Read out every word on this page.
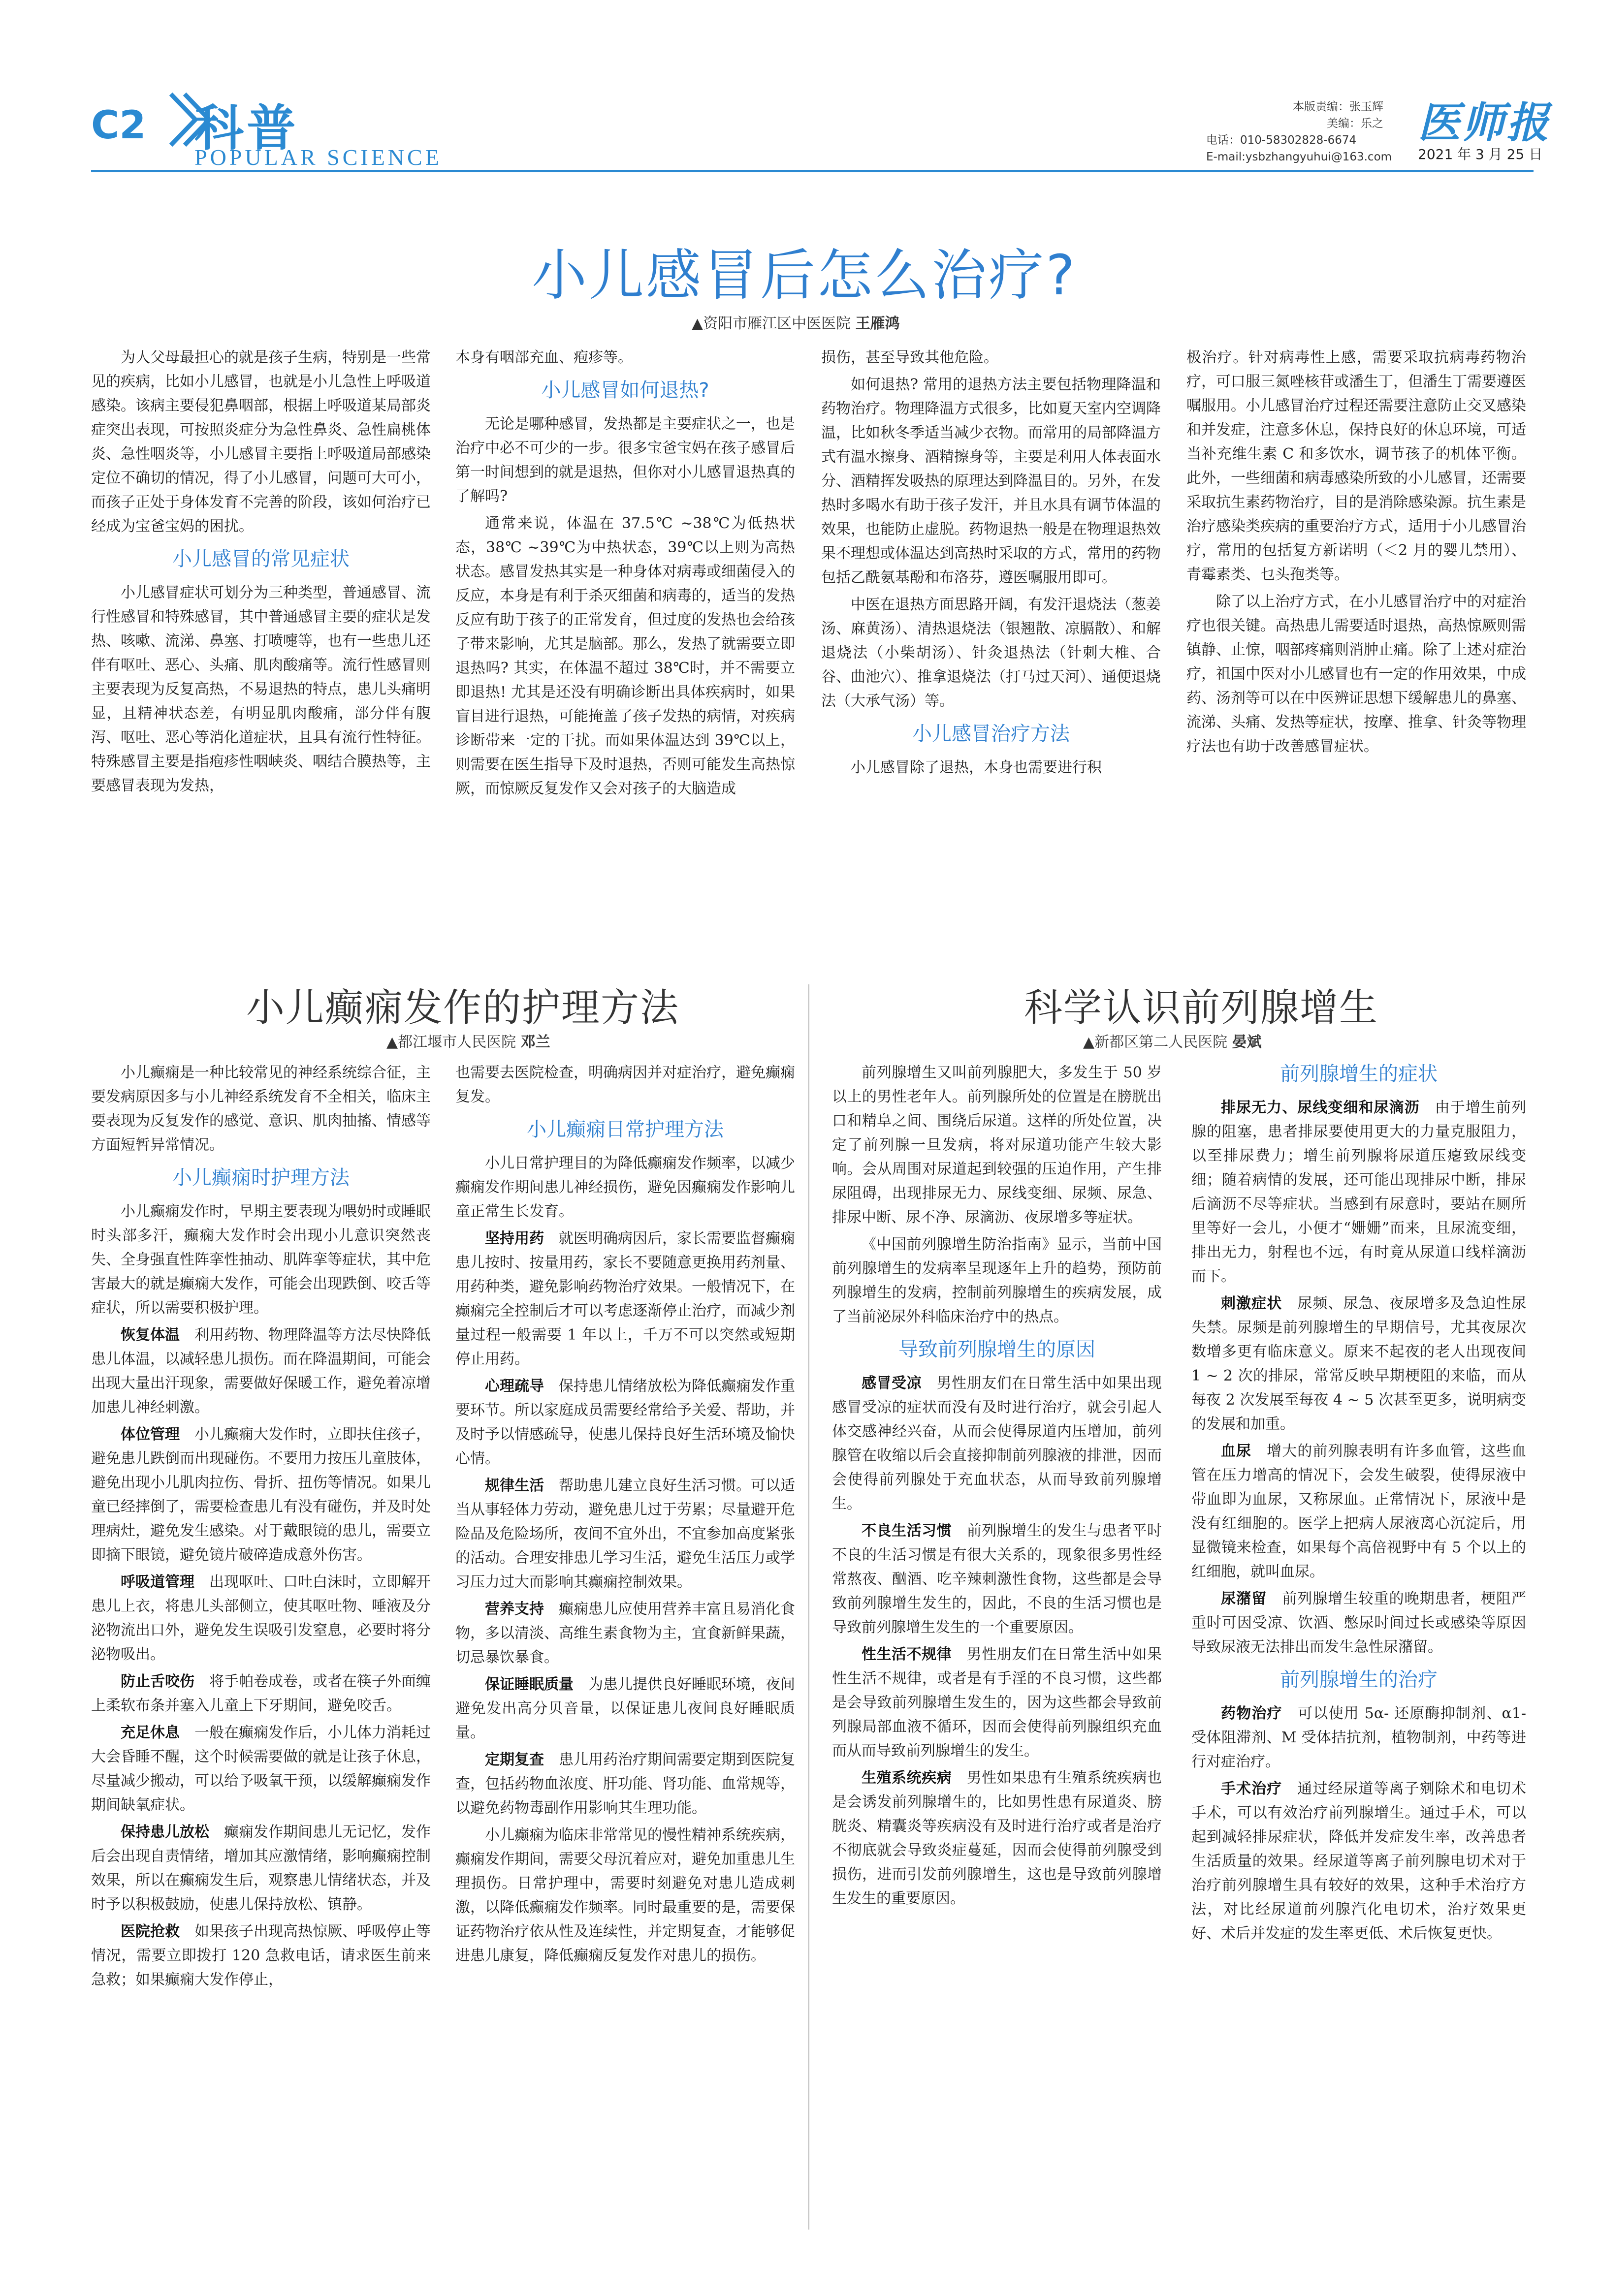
C2 科普
POPULAR SCIENCE
本版责编：张玉辉
美编：乐之
电话：010-58302828-6674
E-mail:ysbzhangyuhui@163.com
医师报
2021 年 3 月 25 日
小儿感冒后怎么治疗?
▲资阳市雁江区中医医院 王雁鸿

为人父母最担心的就是孩子生病，特别是一些常见的疾病，比如小儿感冒，也就是小儿急性上呼吸道感染。该病主要侵犯鼻咽部，根据上呼吸道某局部炎症突出表现，可按照炎症分为急性鼻炎、急性扁桃体炎、急性咽炎等，小儿感冒主要指上呼吸道局部感染定位不确切的情况，得了小儿感冒，问题可大可小，而孩子正处于身体发育不完善的阶段，该如何治疗已经成为宝爸宝妈的困扰。

小儿感冒的常见症状

小儿感冒症状可划分为三种类型，普通感冒、流行性感冒和特殊感冒，其中普通感冒主要的症状是发热、咳嗽、流涕、鼻塞、打喷嚏等，也有一些患儿还伴有呕吐、恶心、头痛、肌肉酸痛等。流行性感冒则主要表现为反复高热，不易退热的特点，患儿头痛明显，且精神状态差，有明显肌肉酸痛，部分伴有腹泻、呕吐、恶心等消化道症状，且具有流行性特征。特殊感冒主要是指疱疹性咽峡炎、咽结合膜热等，主要感冒表现为发热，

本身有咽部充血、疱疹等。

小儿感冒如何退热?

无论是哪种感冒，发热都是主要症状之一，也是治疗中必不可少的一步。很多宝爸宝妈在孩子感冒后第一时间想到的就是退热，但你对小儿感冒退热真的了解吗?

通常来说，体温在 37.5℃ ~38℃为低热状态，38℃ ~39℃为中热状态，39℃以上则为高热状态。感冒发热其实是一种身体对病毒或细菌侵入的反应，本身是有利于杀灭细菌和病毒的，适当的发热反应有助于孩子的正常发育，但过度的发热也会给孩子带来影响，尤其是脑部。那么，发热了就需要立即退热吗? 其实，在体温不超过 38℃时，并不需要立即退热! 尤其是还没有明确诊断出具体疾病时，如果盲目进行退热，可能掩盖了孩子发热的病情，对疾病诊断带来一定的干扰。而如果体温达到 39℃以上，则需要在医生指导下及时退热，否则可能发生高热惊厥，而惊厥反复发作又会对孩子的大脑造成

损伤，甚至导致其他危险。

如何退热? 常用的退热方法主要包括物理降温和药物治疗。物理降温方式很多，比如夏天室内空调降温，比如秋冬季适当减少衣物。而常用的局部降温方式有温水擦身、酒精擦身等，主要是利用人体表面水分、酒精挥发吸热的原理达到降温目的。另外，在发热时多喝水有助于孩子发汗，并且水具有调节体温的效果，也能防止虚脱。药物退热一般是在物理退热效果不理想或体温达到高热时采取的方式，常用的药物包括乙酰氨基酚和布洛芬，遵医嘱服用即可。

中医在退热方面思路开阔，有发汗退烧法（葱姜汤、麻黄汤）、清热退烧法（银翘散、凉膈散）、和解退烧法（小柴胡汤）、针灸退热法（针刺大椎、合谷、曲池穴）、推拿退烧法（打马过天河）、通便退烧法（大承气汤）等。

小儿感冒治疗方法

小儿感冒除了退热，本身也需要进行积

极治疗。针对病毒性上感，需要采取抗病毒药物治疗，可口服三氮唑核苷或潘生丁，但潘生丁需要遵医嘱服用。小儿感冒治疗过程还需要注意防止交叉感染和并发症，注意多休息，保持良好的休息环境，可适当补充维生素 C 和多饮水，调节孩子的机体平衡。此外，一些细菌和病毒感染所致的小儿感冒，还需要采取抗生素药物治疗，目的是消除感染源。抗生素是治疗感染类疾病的重要治疗方式，适用于小儿感冒治疗，常用的包括复方新诺明（＜2 月的婴儿禁用）、青霉素类、乜头孢类等。

除了以上治疗方式，在小儿感冒治疗中的对症治疗也很关键。高热患儿需要适时退热，高热惊厥则需镇静、止惊，咽部疼痛则消肿止痛。除了上述对症治疗，祖国中医对小儿感冒也有一定的作用效果，中成药、汤剂等可以在中医辨证思想下缓解患儿的鼻塞、流涕、头痛、发热等症状，按摩、推拿、针灸等物理疗法也有助于改善感冒症状。

小儿癫痫发作的护理方法
▲都江堰市人民医院 邓兰

小儿癫痫是一种比较常见的神经系统综合征，主要发病原因多与小儿神经系统发育不全相关，临床主要表现为反复发作的感觉、意识、肌肉抽搐、情感等方面短暂异常情况。

小儿癫痫时护理方法

小儿癫痫发作时，早期主要表现为喂奶时或睡眠时头部多汗，癫痫大发作时会出现小儿意识突然丧失、全身强直性阵挛性抽动、肌阵挛等症状，其中危害最大的就是癫痫大发作，可能会出现跌倒、咬舌等症状，所以需要积极护理。

恢复体温　 利用药物、物理降温等方法尽快降低患儿体温，以减轻患儿损伤。而在降温期间，可能会出现大量出汗现象，需要做好保暖工作，避免着凉增加患儿神经刺激。

体位管理　 小儿癫痫大发作时，立即扶住孩子，避免患儿跌倒而出现碰伤。不要用力按压儿童肢体，避免出现小儿肌肉拉伤、骨折、扭伤等情况。如果儿童已经摔倒了，需要检查患儿有没有碰伤，并及时处理病灶，避免发生感染。对于戴眼镜的患儿，需要立即摘下眼镜，避免镜片破碎造成意外伤害。

呼吸道管理　 出现呕吐、口吐白沫时，立即解开患儿上衣，将患儿头部侧立，使其呕吐物、唾液及分泌物流出口外，避免发生误吸引发窒息，必要时将分泌物吸出。

防止舌咬伤　 将手帕卷成卷，或者在筷子外面缠上柔软布条并塞入儿童上下牙期间，避免咬舌。

充足休息　 一般在癫痫发作后，小儿体力消耗过大会昏睡不醒，这个时候需要做的就是让孩子休息，尽量减少搬动，可以给予吸氧干预，以缓解癫痫发作期间缺氧症状。

保持患儿放松　 癫痫发作期间患儿无记忆，发作后会出现自责情绪，增加其应激情绪，影响癫痫控制效果，所以在癫痫发生后，观察患儿情绪状态，并及时予以积极鼓励，使患儿保持放松、镇静。

医院抢救　 如果孩子出现高热惊厥、呼吸停止等情况，需要立即拨打 120 急救电话，请求医生前来急救；如果癫痫大发作停止，

也需要去医院检查，明确病因并对症治疗，避免癫痫复发。

小儿癫痫日常护理方法

小儿日常护理目的为降低癫痫发作频率，以减少癫痫发作期间患儿神经损伤，避免因癫痫发作影响儿童正常生长发育。

坚持用药　 就医明确病因后，家长需要监督癫痫患儿按时、按量用药，家长不要随意更换用药剂量、用药种类，避免影响药物治疗效果。一般情况下，在癫痫完全控制后才可以考虑逐渐停止治疗，而减少剂量过程一般需要 1 年以上，千万不可以突然或短期停止用药。

心理疏导　 保持患儿情绪放松为降低癫痫发作重要环节。所以家庭成员需要经常给予关爱、帮助，并及时予以情感疏导，使患儿保持良好生活环境及愉快心情。

规律生活　 帮助患儿建立良好生活习惯。可以适当从事轻体力劳动，避免患儿过于劳累；尽量避开危险品及危险场所，夜间不宜外出，不宜参加高度紧张的活动。合理安排患儿学习生活，避免生活压力或学习压力过大而影响其癫痫控制效果。

营养支持　 癫痫患儿应使用营养丰富且易消化食物，多以清淡、高维生素食物为主，宜食新鲜果蔬，切忌暴饮暴食。

保证睡眠质量　 为患儿提供良好睡眠环境，夜间避免发出高分贝音量，以保证患儿夜间良好睡眠质量。

定期复查　 患儿用药治疗期间需要定期到医院复查，包括药物血浓度、肝功能、肾功能、血常规等，以避免药物毒副作用影响其生理功能。

小儿癫痫为临床非常常见的慢性精神系统疾病，癫痫发作期间，需要父母沉着应对，避免加重患儿生理损伤。日常护理中，需要时刻避免对患儿造成刺激，以降低癫痫发作频率。同时最重要的是，需要保证药物治疗依从性及连续性，并定期复查，才能够促进患儿康复，降低癫痫反复发作对患儿的损伤。

科学认识前列腺增生
▲新都区第二人民医院 晏斌

前列腺增生又叫前列腺肥大，多发生于 50 岁以上的男性老年人。前列腺所处的位置是在膀胱出口和精阜之间、围绕后尿道。这样的所处位置，决定了前列腺一旦发病，将对尿道功能产生较大影响。会从周围对尿道起到较强的压迫作用，产生排尿阻碍，出现排尿无力、尿线变细、尿频、尿急、排尿中断、尿不净、尿滴沥、夜尿增多等症状。

《中国前列腺增生防治指南》显示，当前中国前列腺增生的发病率呈现逐年上升的趋势，预防前列腺增生的发病，控制前列腺增生的疾病发展，成了当前泌尿外科临床治疗中的热点。

导致前列腺增生的原因

感冒受凉　 男性朋友们在日常生活中如果出现感冒受凉的症状而没有及时进行治疗，就会引起人体交感神经兴奋，从而会使得尿道内压增加，前列腺管在收缩以后会直接抑制前列腺液的排泄，因而会使得前列腺处于充血状态，从而导致前列腺增生。

不良生活习惯　 前列腺增生的发生与患者平时不良的生活习惯是有很大关系的，现象很多男性经常熬夜、酗酒、吃辛辣刺激性食物，这些都是会导致前列腺增生发生的，因此，不良的生活习惯也是导致前列腺增生发生的一个重要原因。

性生活不规律　 男性朋友们在日常生活中如果性生活不规律，或者是有手淫的不良习惯，这些都是会导致前列腺增生发生的，因为这些都会导致前列腺局部血液不循环，因而会使得前列腺组织充血而从而导致前列腺增生的发生。

生殖系统疾病　 男性如果患有生殖系统疾病也是会诱发前列腺增生的，比如男性患有尿道炎、膀胱炎、精囊炎等疾病没有及时进行治疗或者是治疗不彻底就会导致炎症蔓延，因而会使得前列腺受到损伤，进而引发前列腺增生，这也是导致前列腺增生发生的重要原因。

前列腺增生的症状

排尿无力、尿线变细和尿滴沥　 由于增生前列腺的阻塞，患者排尿要使用更大的力量克服阻力，以至排尿费力；增生前列腺将尿道压瘪致尿线变细；随着病情的发展，还可能出现排尿中断，排尿后滴沥不尽等症状。当感到有尿意时，要站在厕所里等好一会儿，小便才“姗姗”而来，且尿流变细，排出无力，射程也不远，有时竟从尿道口线样滴沥而下。

刺激症状　 尿频、尿急、夜尿增多及急迫性尿失禁。尿频是前列腺增生的早期信号，尤其夜尿次数增多更有临床意义。原来不起夜的老人出现夜间 1 ~ 2 次的排尿，常常反映早期梗阻的来临，而从每夜 2 次发展至每夜 4 ~ 5 次甚至更多，说明病变的发展和加重。

血尿　 增大的前列腺表明有许多血管，这些血管在压力增高的情况下，会发生破裂，使得尿液中带血即为血尿，又称尿血。正常情况下，尿液中是没有红细胞的。医学上把病人尿液离心沉淀后，用显微镜来检查，如果每个高倍视野中有 5 个以上的红细胞，就叫血尿。

尿潴留　 前列腺增生较重的晚期患者，梗阻严重时可因受凉、饮酒、憋尿时间过长或感染等原因导致尿液无法排出而发生急性尿潴留。

前列腺增生的治疗

药物治疗　 可以使用 5α- 还原酶抑制剂、α1- 受体阻滞剂、M 受体拮抗剂，植物制剂，中药等进行对症治疗。

手术治疗　 通过经尿道等离子剜除术和电切术手术，可以有效治疗前列腺增生。通过手术，可以起到减轻排尿症状，降低并发症发生率，改善患者生活质量的效果。经尿道等离子前列腺电切术对于治疗前列腺增生具有较好的效果，这种手术治疗方法，对比经尿道前列腺汽化电切术，治疗效果更好、术后并发症的发生率更低、术后恢复更快。
